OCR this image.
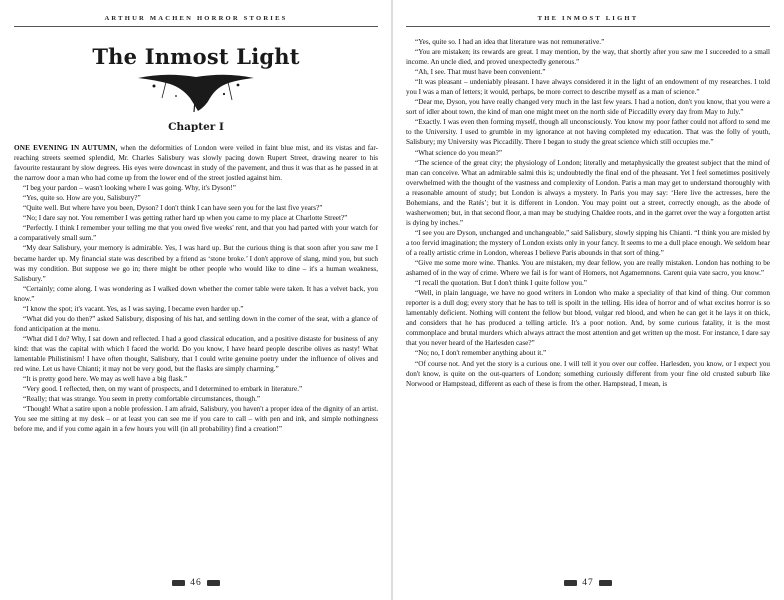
ARTHUR MACHEN HORROR STORIES
The Inmost Light
Chapter I

ONE EVENING IN AUTUMN, when the deformities of London were veiled in faint blue mist, and its vistas and far-reaching streets seemed splendid, Mr. Charles Salisbury was slowly pacing down Rupert Street, drawing nearer to his favourite restaurant by slow degrees. His eyes were downcast in study of the pavement, and thus it was that as he passed in at the narrow door a man who had come up from the lower end of the street jostled against him.

“I beg your pardon – wasn't looking where I was going. Why, it's Dyson!”

“Yes, quite so. How are you, Salisbury?”

“Quite well. But where have you been, Dyson? I don't think I can have seen you for the last five years?”

“No; I dare say not. You remember I was getting rather hard up when you came to my place at Charlotte Street?”

“Perfectly. I think I remember your telling me that you owed five weeks' rent, and that you had parted with your watch for a comparatively small sum.”

“My dear Salisbury, your memory is admirable. Yes, I was hard up. But the curious thing is that soon after you saw me I became harder up. My financial state was described by a friend as ‘stone broke.’ I don't approve of slang, mind you, but such was my condition. But suppose we go in; there might be other people who would like to dine – it's a human weakness, Salisbury.”

“Certainly; come along. I was wondering as I walked down whether the corner table were taken. It has a velvet back, you know.”

“I know the spot; it's vacant. Yes, as I was saying, I became even harder up.”

“What did you do then?” asked Salisbury, disposing of his hat, and settling down in the corner of the seat, with a glance of fond anticipation at the menu.

“What did I do? Why, I sat down and reflected. I had a good classical education, and a positive distaste for business of any kind: that was the capital with which I faced the world. Do you know, I have heard people describe olives as nasty! What lamentable Philistinism! I have often thought, Salisbury, that I could write genuine poetry under the influence of olives and red wine. Let us have Chianti; it may not be very good, but the flasks are simply charming.”

“It is pretty good here. We may as well have a big flask.”

“Very good. I reflected, then, on my want of prospects, and I determined to embark in literature.”

“Really; that was strange. You seem in pretty comfortable circumstances, though.”

“Though! What a satire upon a noble profession. I am afraid, Salisbury, you haven't a proper idea of the dignity of an artist. You see me sitting at my desk – or at least you can see me if you care to call – with pen and ink, and simple nothingness before me, and if you come again in a few hours you will (in all probability) find a creation!”

46
THE INMOST LIGHT

“Yes, quite so. I had an idea that literature was not remunerative.”

“You are mistaken; its rewards are great. I may mention, by the way, that shortly after you saw me I succeeded to a small income. An uncle died, and proved unexpectedly generous.”

“Ah, I see. That must have been convenient.”

“It was pleasant – undeniably pleasant. I have always considered it in the light of an endowment of my researches. I told you I was a man of letters; it would, perhaps, be more correct to describe myself as a man of science.”

“Dear me, Dyson, you have really changed very much in the last few years. I had a notion, don't you know, that you were a sort of idler about town, the kind of man one might meet on the north side of Piccadilly every day from May to July.”

“Exactly. I was even then forming myself, though all unconsciously. You know my poor father could not afford to send me to the University. I used to grumble in my ignorance at not having completed my education. That was the folly of youth, Salisbury; my University was Piccadilly. There I began to study the great science which still occupies me.”

“What science do you mean?”

“The science of the great city; the physiology of London; literally and metaphysically the greatest subject that the mind of man can conceive. What an admirable salmi this is; undoubtedly the final end of the pheasant. Yet I feel sometimes positively overwhelmed with the thought of the vastness and complexity of London. Paris a man may get to understand thoroughly with a reasonable amount of study; but London is always a mystery. In Paris you may say: ‘Here live the actresses, here the Bohemians, and the Ratés’; but it is different in London. You may point out a street, correctly enough, as the abode of washerwomen; but, in that second floor, a man may be studying Chaldee roots, and in the garret over the way a forgotten artist is dying by inches.”

“I see you are Dyson, unchanged and unchangeable,” said Salisbury, slowly sipping his Chianti. “I think you are misled by a too fervid imagination; the mystery of London exists only in your fancy. It seems to me a dull place enough. We seldom hear of a really artistic crime in London, whereas I believe Paris abounds in that sort of thing.”

“Give me some more wine. Thanks. You are mistaken, my dear fellow, you are really mistaken. London has nothing to be ashamed of in the way of crime. Where we fail is for want of Homers, not Agamemnons. Carent quia vate sacro, you know.”

“I recall the quotation. But I don't think I quite follow you.”

“Well, in plain language, we have no good writers in London who make a speciality of that kind of thing. Our common reporter is a dull dog; every story that he has to tell is spoilt in the telling. His idea of horror and of what excites horror is so lamentably deficient. Nothing will content the fellow but blood, vulgar red blood, and when he can get it he lays it on thick, and considers that he has produced a telling article. It's a poor notion. And, by some curious fatality, it is the most commonplace and brutal murders which always attract the most attention and get written up the most. For instance, I dare say that you never heard of the Harlesden case?”

“No; no, I don't remember anything about it.”

“Of course not. And yet the story is a curious one. I will tell it you over our coffee. Harlesden, you know, or I expect you don't know, is quite on the out-quarters of London; something curiously different from your fine old crusted suburb like Norwood or Hampstead, different as each of these is from the other. Hampstead, I mean, is

47
